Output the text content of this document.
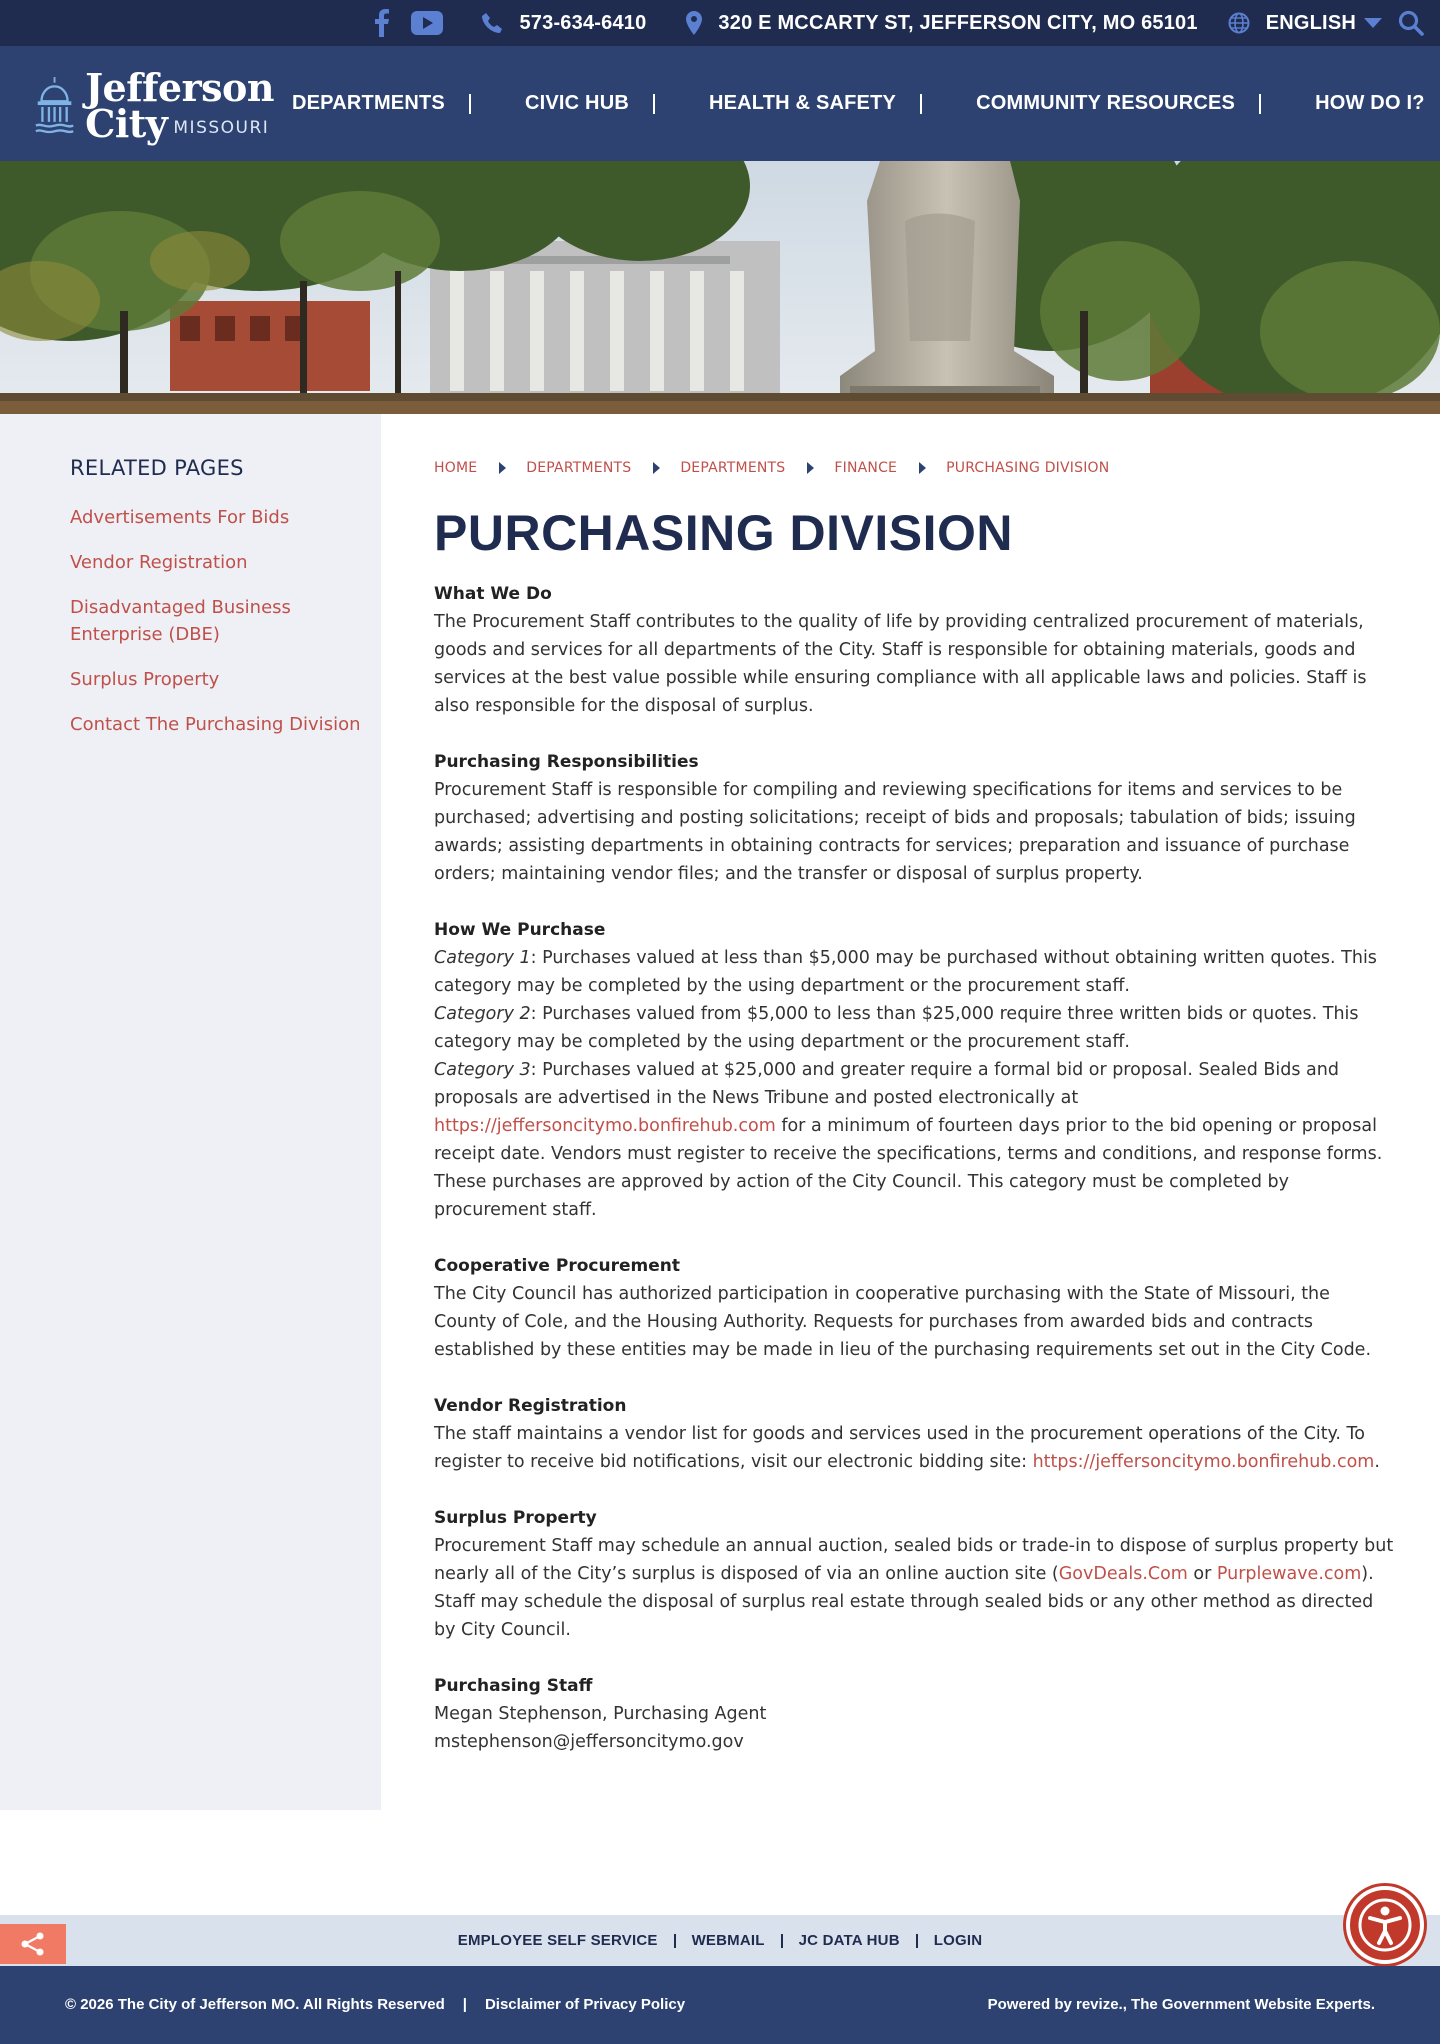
573-634-6410	320 E MCCARTY ST, JEFFERSON CITY, MO 65101	ENGLISH
Jefferson
City MISSOURI
DEPARTMENTS	CIVIC HUB	HEALTH & SAFETY	COMMUNITY RESOURCES	HOW DO I?
RELATED PAGES
Advertisements For Bids
Vendor Registration
Disadvantaged Business Enterprise (DBE)
Surplus Property
Contact The Purchasing Division
HOME	DEPARTMENTS	DEPARTMENTS	FINANCE	PURCHASING DIVISION
PURCHASING DIVISION
What We Do

The Procurement Staff contributes to the quality of life by providing centralized procurement of materials, goods and services for all departments of the City. Staff is responsible for obtaining materials, goods and services at the best value possible while ensuring compliance with all applicable laws and policies. Staff is also responsible for the disposal of surplus.

Purchasing Responsibilities

Procurement Staff is responsible for compiling and reviewing specifications for items and services to be purchased; advertising and posting solicitations; receipt of bids and proposals; tabulation of bids; issuing awards; assisting departments in obtaining contracts for services; preparation and issuance of purchase orders; maintaining vendor files; and the transfer or disposal of surplus property.

How We Purchase

Category 1: Purchases valued at less than $5,000 may be purchased without obtaining written quotes. This category may be completed by the using department or the procurement staff.

Category 2: Purchases valued from $5,000 to less than $25,000 require three written bids or quotes. This category may be completed by the using department or the procurement staff.

Category 3: Purchases valued at $25,000 and greater require a formal bid or proposal. Sealed Bids and proposals are advertised in the News Tribune and posted electronically at https://jeffersoncitymo.bonfirehub.com for a minimum of fourteen days prior to the bid opening or proposal receipt date. Vendors must register to receive the specifications, terms and conditions, and response forms. These purchases are approved by action of the City Council. This category must be completed by procurement staff.

Cooperative Procurement

The City Council has authorized participation in cooperative purchasing with the State of Missouri, the County of Cole, and the Housing Authority. Requests for purchases from awarded bids and contracts established by these entities may be made in lieu of the purchasing requirements set out in the City Code.

Vendor Registration

The staff maintains a vendor list for goods and services used in the procurement operations of the City. To register to receive bid notifications, visit our electronic bidding site: https://jeffersoncitymo.bonfirehub.com.

Surplus Property

Procurement Staff may schedule an annual auction, sealed bids or trade-in to dispose of surplus property but nearly all of the City’s surplus is disposed of via an online auction site (GovDeals.Com or Purplewave.com). Staff may schedule the disposal of surplus real estate through sealed bids or any other method as directed by City Council.

Purchasing Staff

Megan Stephenson, Purchasing Agent

mstephenson@jeffersoncitymo.gov

EMPLOYEE SELF SERVICE WEBMAIL JC DATA HUB LOGIN
© 2026 The City of Jefferson MO. All Rights Reserved | Disclaimer of Privacy Policy	Powered by revize., The Government Website Experts.
